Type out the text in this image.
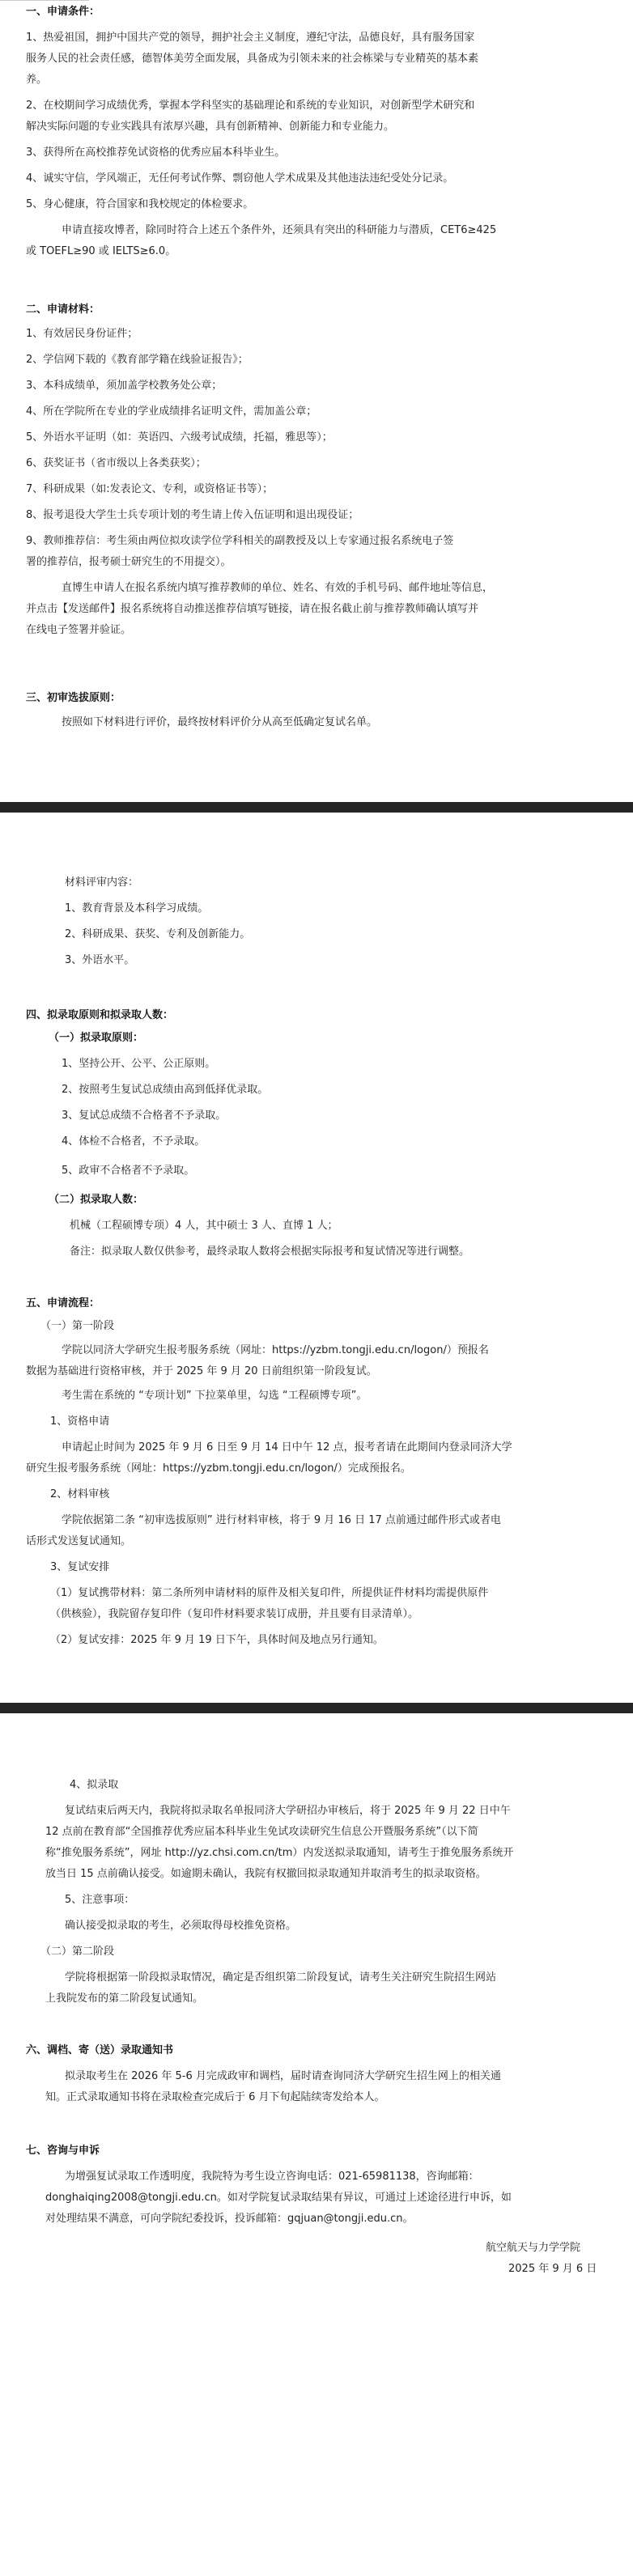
一、申请条件：
1、热爱祖国，拥护中国共产党的领导，拥护社会主义制度，遵纪守法，品德良好，具有服务国家
服务人民的社会责任感，德智体美劳全面发展，具备成为引领未来的社会栋梁与专业精英的基本素
养。
2、在校期间学习成绩优秀，掌握本学科坚实的基础理论和系统的专业知识，对创新型学术研究和
解决实际问题的专业实践具有浓厚兴趣，具有创新精神、创新能力和专业能力。
3、获得所在高校推荐免试资格的优秀应届本科毕业生。
4、诚实守信，学风端正，无任何考试作弊、剽窃他人学术成果及其他违法违纪受处分记录。
5、身心健康，符合国家和我校规定的体检要求。
申请直接攻博者，除同时符合上述五个条件外，还须具有突出的科研能力与潜质，CET6≥425
或 TOEFL≥90 或 IELTS≥6.0。
二、申请材料：
1、有效居民身份证件；
2、学信网下载的《教育部学籍在线验证报告》；
3、本科成绩单，须加盖学校教务处公章；
4、所在学院所在专业的学业成绩排名证明文件，需加盖公章；
5、外语水平证明（如：英语四、六级考试成绩，托福，雅思等）；
6、获奖证书（省市级以上各类获奖）；
7、科研成果（如:发表论文、专利，或资格证书等）；
8、报考退役大学生士兵专项计划的考生请上传入伍证明和退出现役证；
9、教师推荐信：考生须由两位拟攻读学位学科相关的副教授及以上专家通过报名系统电子签
署的推荐信，报考硕士研究生的不用提交）。
直博生申请人在报名系统内填写推荐教师的单位、姓名、有效的手机号码、邮件地址等信息，
并点击【发送邮件】报名系统将自动推送推荐信填写链接，请在报名截止前与推荐教师确认填写并
在线电子签署并验证。
三、初审选拔原则：
按照如下材料进行评价，最终按材料评价分从高至低确定复试名单。
材料评审内容：
1、教育背景及本科学习成绩。
2、科研成果、获奖、专利及创新能力。
3、外语水平。
四、拟录取原则和拟录取人数：
（一）拟录取原则：
1、坚持公开、公平、公正原则。
2、按照考生复试总成绩由高到低择优录取。
3、复试总成绩不合格者不予录取。
4、体检不合格者，不予录取。
5、政审不合格者不予录取。
（二）拟录取人数：
机械（工程硕博专项）4 人，其中硕士 3 人、直博 1 人；
备注：拟录取人数仅供参考，最终录取人数将会根据实际报考和复试情况等进行调整。
五、申请流程：
（一）第一阶段
学院以同济大学研究生报考服务系统（网址：https://yzbm.tongji.edu.cn/logon/）预报名
数据为基础进行资格审核，并于 2025 年 9 月 20 日前组织第一阶段复试。
考生需在系统的 “专项计划” 下拉菜单里，勾选 “工程硕博专项”。
1、资格申请
申请起止时间为 2025 年 9 月 6 日至 9 月 14 日中午 12 点，报考者请在此期间内登录同济大学
研究生报考服务系统（网址：https://yzbm.tongji.edu.cn/logon/）完成预报名。
2、材料审核
学院依据第二条 “初审选拔原则” 进行材料审核，将于 9 月 16 日 17 点前通过邮件形式或者电
话形式发送复试通知。
3、复试安排
（1）复试携带材料：第二条所列申请材料的原件及相关复印件，所提供证件材料均需提供原件
（供核验），我院留存复印件（复印件材料要求装订成册，并且要有目录清单）。
（2）复试安排：2025 年 9 月 19 日下午，具体时间及地点另行通知。
4、拟录取
复试结束后两天内，我院将拟录取名单报同济大学研招办审核后，将于 2025 年 9 月 22 日中午
12 点前在教育部“全国推荐优秀应届本科毕业生免试攻读研究生信息公开暨服务系统”（以下简
称“推免服务系统”，网址 http://yz.chsi.com.cn/tm）内发送拟录取通知，请考生于推免服务系统开
放当日 15 点前确认接受。如逾期未确认，我院有权撤回拟录取通知并取消考生的拟录取资格。
5、注意事项：
确认接受拟录取的考生，必须取得母校推免资格。
（二）第二阶段
学院将根据第一阶段拟录取情况，确定是否组织第二阶段复试，请考生关注研究生院招生网站
上我院发布的第二阶段复试通知。
六、调档、寄（送）录取通知书
拟录取考生在 2026 年 5-6 月完成政审和调档，届时请查询同济大学研究生招生网上的相关通
知。正式录取通知书将在录取检查完成后于 6 月下旬起陆续寄发给本人。
七、咨询与申诉
为增强复试录取工作透明度，我院特为考生设立咨询电话：021-65981138，咨询邮箱：
donghaiqing2008@tongji.edu.cn。如对学院复试录取结果有异议，可通过上述途径进行申诉，如
对处理结果不满意，可向学院纪委投诉，投诉邮箱：gqjuan@tongji.edu.cn。
航空航天与力学学院
2025 年 9 月 6 日
